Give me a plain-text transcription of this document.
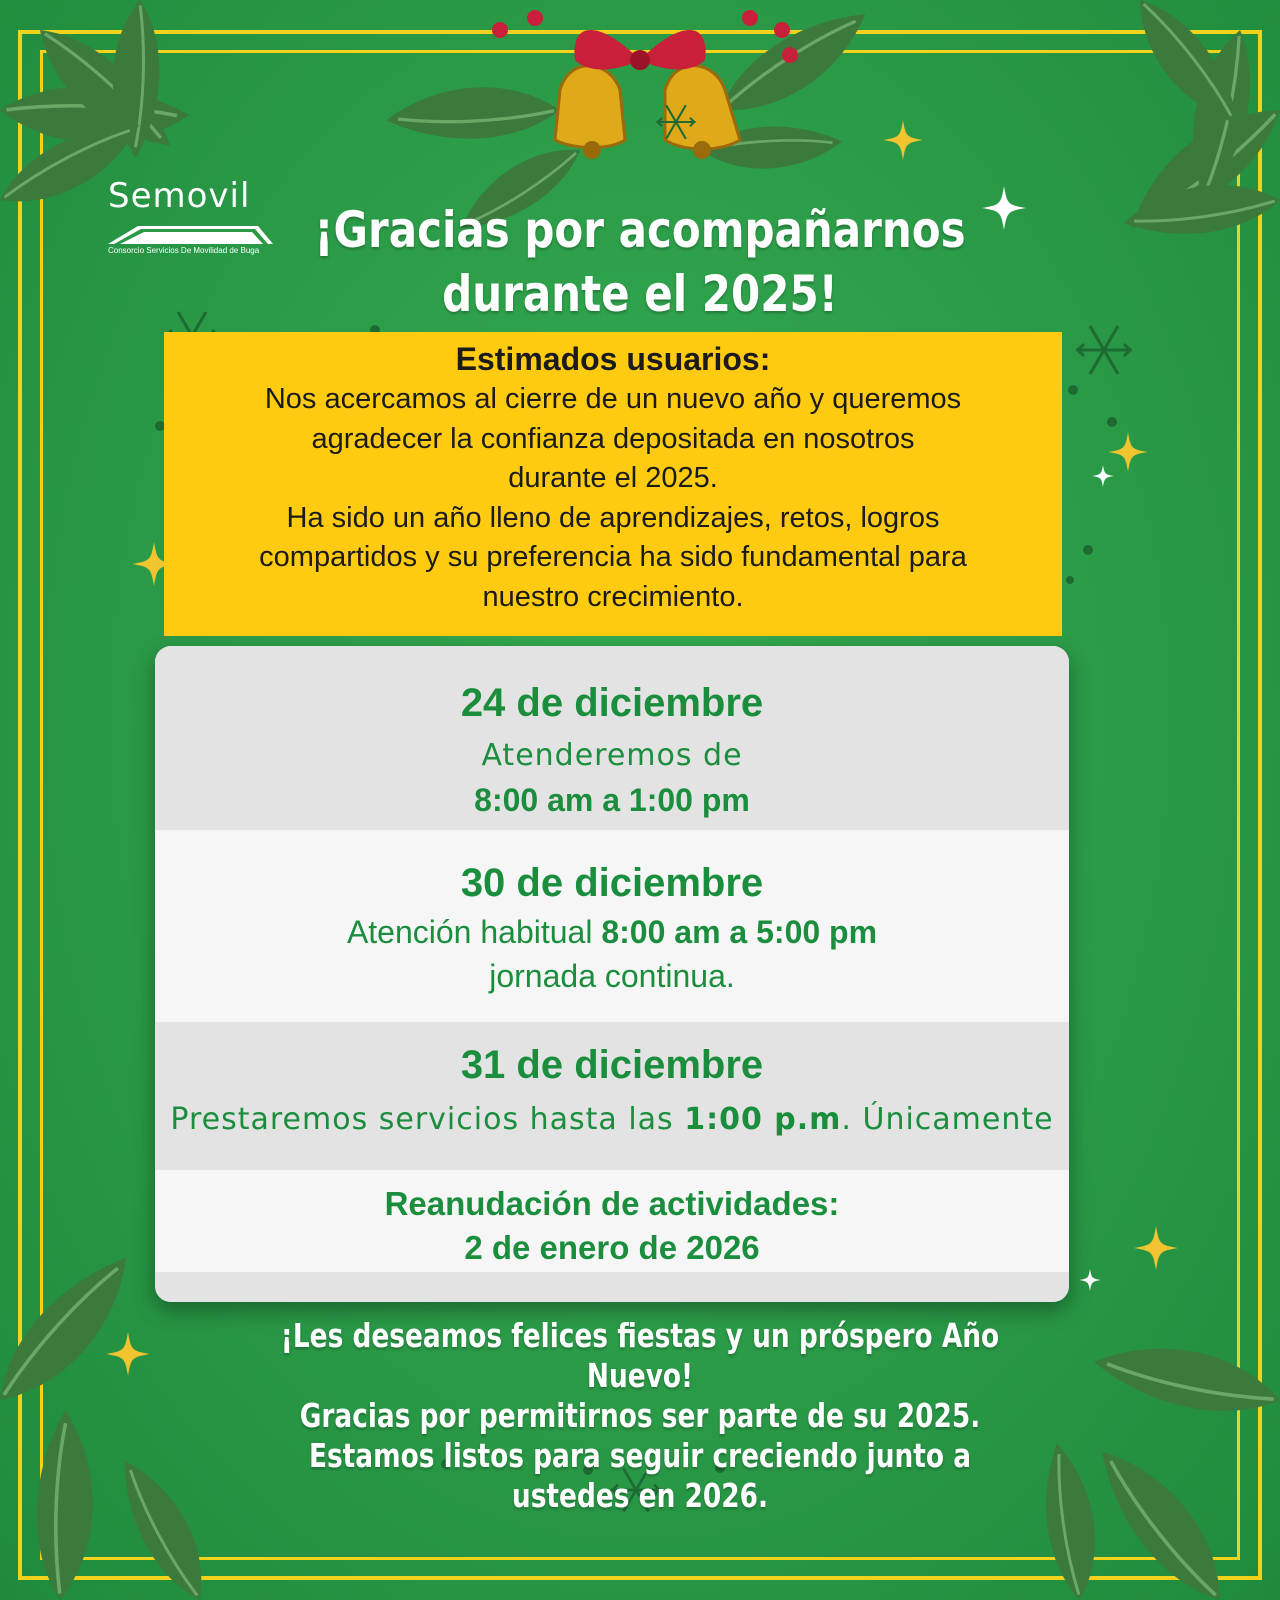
Semovil
Consorcio Servicios De Movilidad de Buga ¡Gracias por acompañarnos
durante el 2025!
Estimados usuarios:
Nos acercamos al cierre de un nuevo año y queremos
agradecer la confianza depositada en nosotros
durante el 2025.
Ha sido un año lleno de aprendizajes, retos, logros
compartidos y su preferencia ha sido fundamental para
nuestro crecimiento.
24 de diciembre
Atenderemos de
8:00 am a 1:00 pm
30 de diciembre
Atención habitual 8:00 am a 5:00 pm
jornada continua.
31 de diciembre
Prestaremos servicios hasta las 1:00 p.m. Únicamente
Reanudación de actividades:
2 de enero de 2026
¡Les deseamos felices fiestas y un próspero Año Nuevo!
Gracias por permitirnos ser parte de su 2025.
Estamos listos para seguir creciendo junto a ustedes en 2026.
